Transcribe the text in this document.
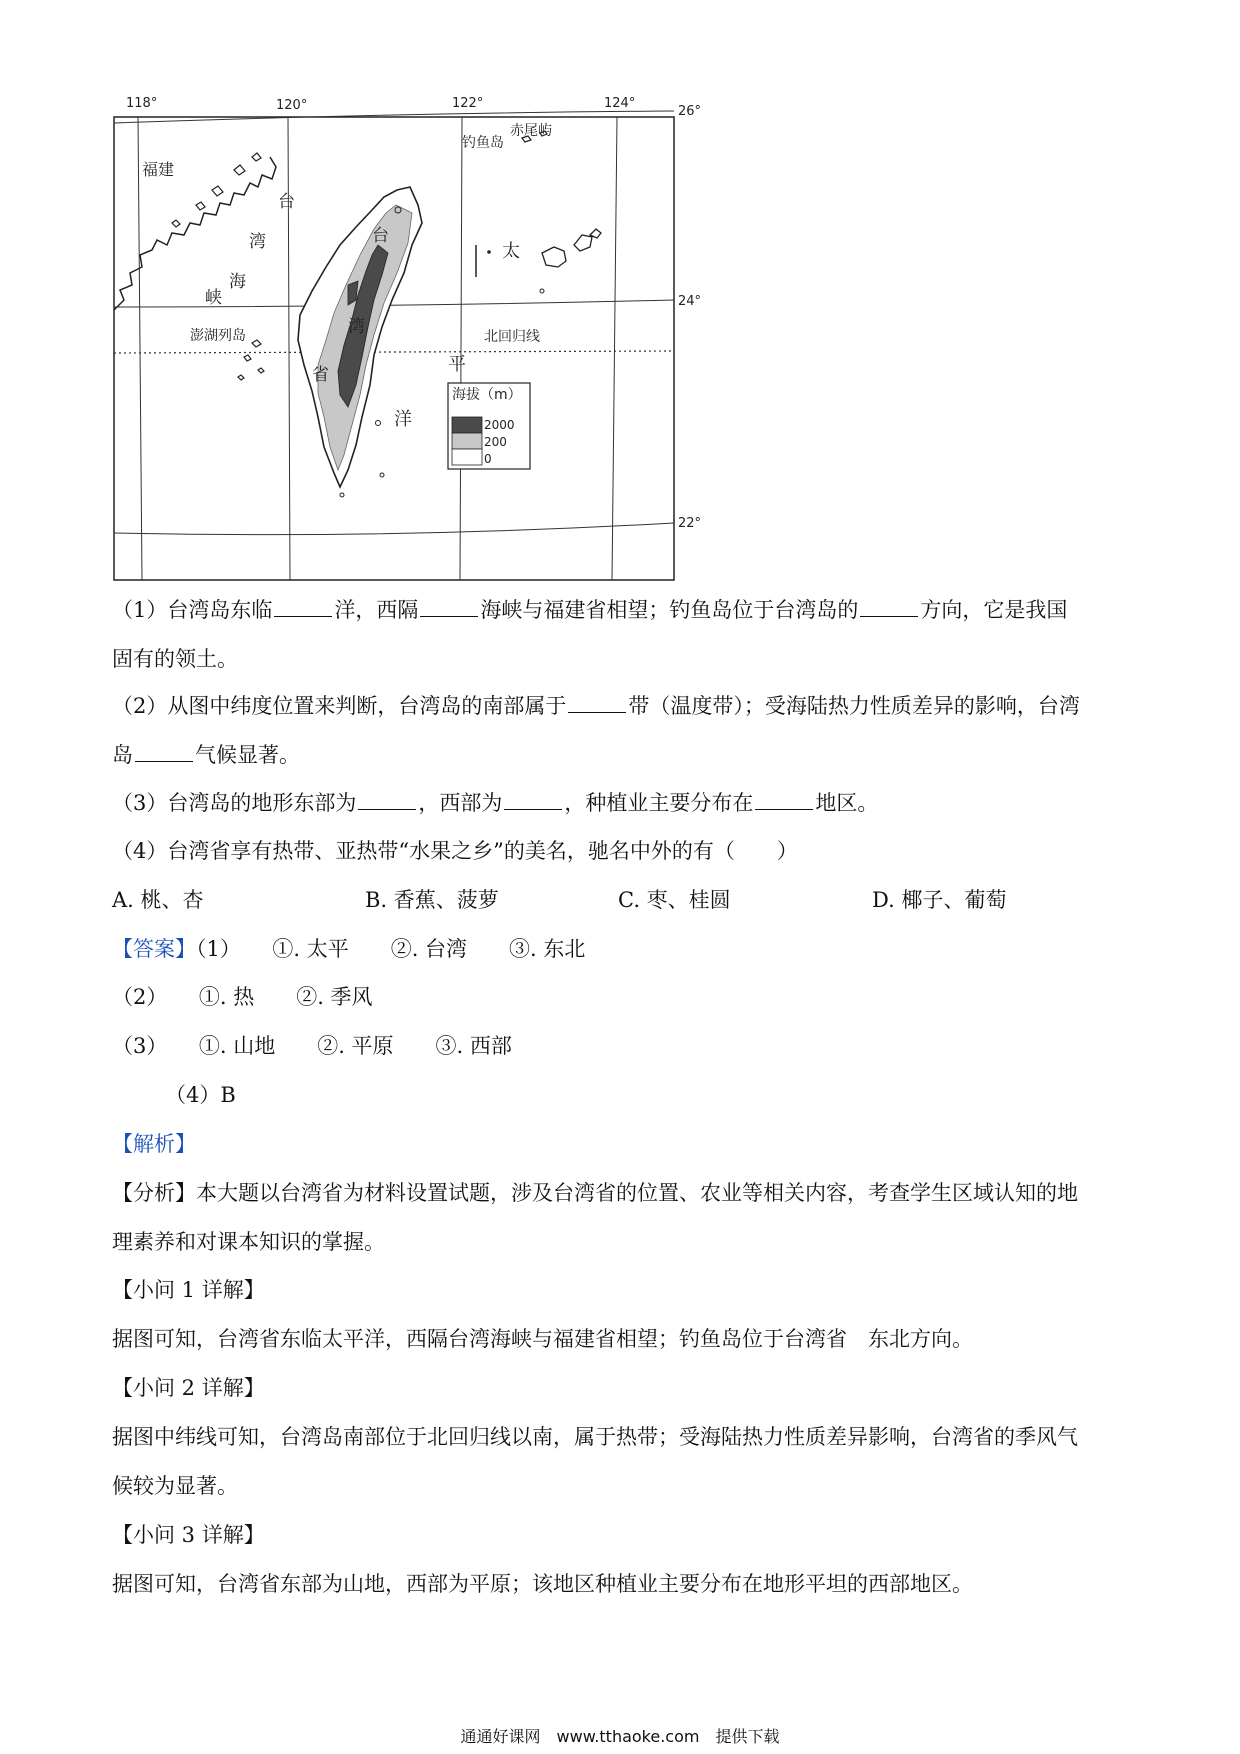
118°	120°	122°	124°
26°
24°
22°
福建
钓鱼岛
赤尾屿
台
湾
海
峡
澎湖列岛
台
湾
省
太
平
洋
北回归线
海拔（m）
2000
200
0
（1）台湾岛东临	洋，西隔	海峡与福建省相望；钓鱼岛位于台湾岛的	方向，它是我国
固有的领土。
（2）从图中纬度位置来判断，台湾岛的南部属于	带（温度带）；受海陆热力性质差异的影响，台湾
岛	气候显著。
（3）台湾岛的地形东部为	，西部为	，种植业主要分布在	地区。
（4）台湾省享有热带、亚热带“水果之乡”的美名，驰名中外的有（　　）
A. 桃、杏	B. 香蕉、菠萝	C. 枣、桂圆	D. 椰子、葡萄
【答案】（1）　　①. 太平　　②. 台湾　　③. 东北
（2）　　①. 热　　②. 季风
（3）　　①. 山地　　②. 平原　　③. 西部
（4）B
【解析】
【分析】本大题以台湾省为材料设置试题，涉及台湾省的位置、农业等相关内容，考查学生区域认知的地
理素养和对课本知识的掌握。
【小问 1 详解】
据图可知，台湾省东临太平洋，西隔台湾海峡与福建省相望；钓鱼岛位于台湾省　东北方向。
【小问 2 详解】
据图中纬线可知，台湾岛南部位于北回归线以南，属于热带；受海陆热力性质差异影响，台湾省的季风气
候较为显著。
【小问 3 详解】
据图可知，台湾省东部为山地，西部为平原；该地区种植业主要分布在地形平坦的西部地区。
通通好课网　www.tthaoke.com　提供下载
